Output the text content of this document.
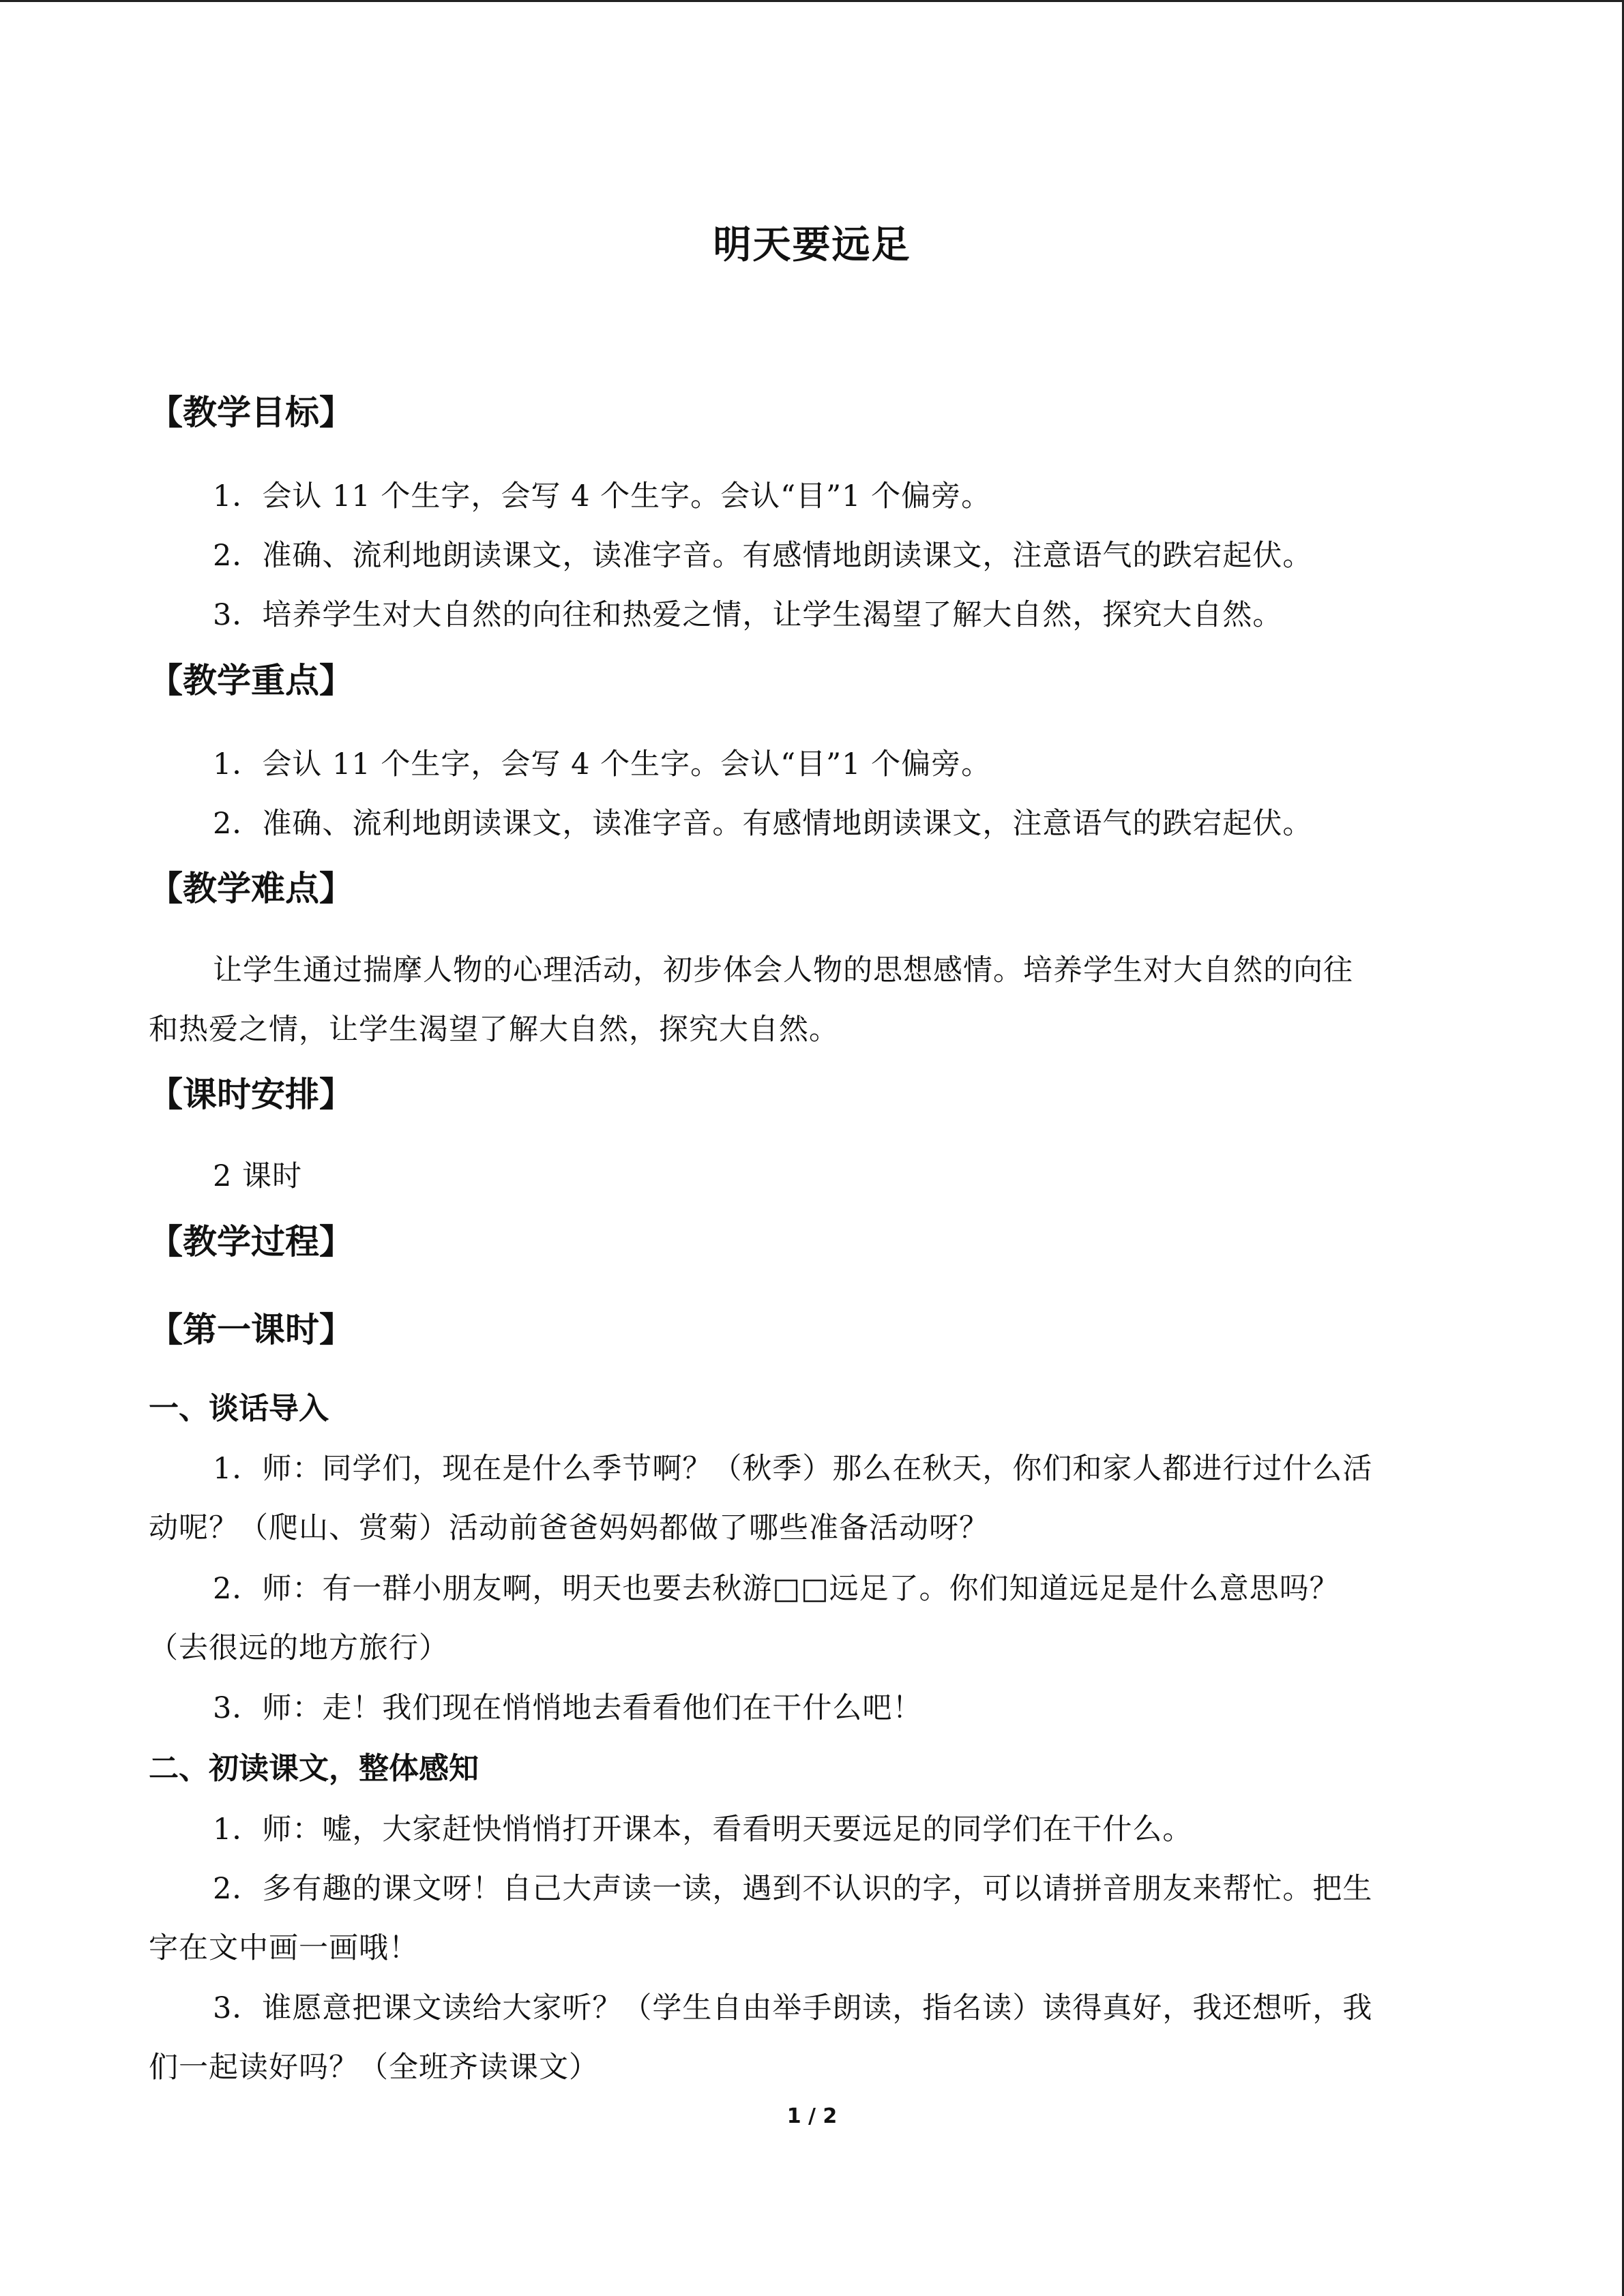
明天要远足
【教学目标】
1．会认 11 个生字，会写 4 个生字。会认“目”1 个偏旁。
2．准确、流利地朗读课文，读准字音。有感情地朗读课文，注意语气的跌宕起伏。
3．培养学生对大自然的向往和热爱之情，让学生渴望了解大自然，探究大自然。
【教学重点】
1．会认 11 个生字，会写 4 个生字。会认“目”1 个偏旁。
2．准确、流利地朗读课文，读准字音。有感情地朗读课文，注意语气的跌宕起伏。
【教学难点】
让学生通过揣摩人物的心理活动，初步体会人物的思想感情。培养学生对大自然的向往
和热爱之情，让学生渴望了解大自然，探究大自然。
【课时安排】
2 课时
【教学过程】
【第一课时】
一、谈话导入
1．师：同学们，现在是什么季节啊？（秋季）那么在秋天，你们和家人都进行过什么活
动呢？（爬山、赏菊）活动前爸爸妈妈都做了哪些准备活动呀？
2．师：有一群小朋友啊，明天也要去秋游□□远足了。你们知道远足是什么意思吗？
（去很远的地方旅行）
3．师：走！我们现在悄悄地去看看他们在干什么吧！
二、初读课文，整体感知
1．师：嘘，大家赶快悄悄打开课本，看看明天要远足的同学们在干什么。
2．多有趣的课文呀！自己大声读一读，遇到不认识的字，可以请拼音朋友来帮忙。把生
字在文中画一画哦！
3．谁愿意把课文读给大家听？（学生自由举手朗读，指名读）读得真好，我还想听，我
们一起读好吗？（全班齐读课文）
1 / 2
